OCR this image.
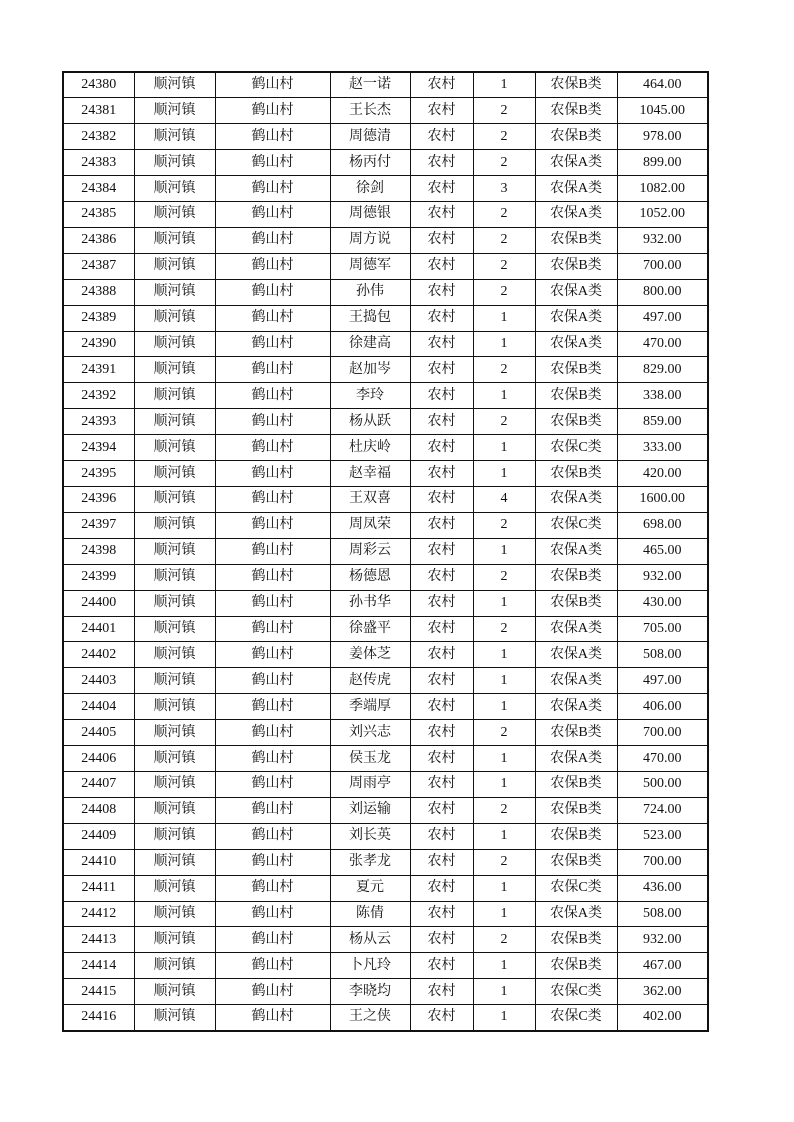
24380	顺河镇	鹤山村	赵一诺	农村	1	农保B类	464.00
24381	顺河镇	鹤山村	王长杰	农村	2	农保B类	1045.00
24382	顺河镇	鹤山村	周德清	农村	2	农保B类	978.00
24383	顺河镇	鹤山村	杨丙付	农村	2	农保A类	899.00
24384	顺河镇	鹤山村	徐剑	农村	3	农保A类	1082.00
24385	顺河镇	鹤山村	周德银	农村	2	农保A类	1052.00
24386	顺河镇	鹤山村	周方说	农村	2	农保B类	932.00
24387	顺河镇	鹤山村	周德军	农村	2	农保B类	700.00
24388	顺河镇	鹤山村	孙伟	农村	2	农保A类	800.00
24389	顺河镇	鹤山村	王捣包	农村	1	农保A类	497.00
24390	顺河镇	鹤山村	徐建高	农村	1	农保A类	470.00
24391	顺河镇	鹤山村	赵加岑	农村	2	农保B类	829.00
24392	顺河镇	鹤山村	李玲	农村	1	农保B类	338.00
24393	顺河镇	鹤山村	杨从跃	农村	2	农保B类	859.00
24394	顺河镇	鹤山村	杜庆岭	农村	1	农保C类	333.00
24395	顺河镇	鹤山村	赵幸福	农村	1	农保B类	420.00
24396	顺河镇	鹤山村	王双喜	农村	4	农保A类	1600.00
24397	顺河镇	鹤山村	周凤荣	农村	2	农保C类	698.00
24398	顺河镇	鹤山村	周彩云	农村	1	农保A类	465.00
24399	顺河镇	鹤山村	杨德恩	农村	2	农保B类	932.00
24400	顺河镇	鹤山村	孙书华	农村	1	农保B类	430.00
24401	顺河镇	鹤山村	徐盛平	农村	2	农保A类	705.00
24402	顺河镇	鹤山村	姜体芝	农村	1	农保A类	508.00
24403	顺河镇	鹤山村	赵传虎	农村	1	农保A类	497.00
24404	顺河镇	鹤山村	季端厚	农村	1	农保A类	406.00
24405	顺河镇	鹤山村	刘兴志	农村	2	农保B类	700.00
24406	顺河镇	鹤山村	侯玉龙	农村	1	农保A类	470.00
24407	顺河镇	鹤山村	周雨亭	农村	1	农保B类	500.00
24408	顺河镇	鹤山村	刘运输	农村	2	农保B类	724.00
24409	顺河镇	鹤山村	刘长英	农村	1	农保B类	523.00
24410	顺河镇	鹤山村	张孝龙	农村	2	农保B类	700.00
24411	顺河镇	鹤山村	夏元	农村	1	农保C类	436.00
24412	顺河镇	鹤山村	陈倩	农村	1	农保A类	508.00
24413	顺河镇	鹤山村	杨从云	农村	2	农保B类	932.00
24414	顺河镇	鹤山村	卜凡玲	农村	1	农保B类	467.00
24415	顺河镇	鹤山村	李晓均	农村	1	农保C类	362.00
24416	顺河镇	鹤山村	王之侠	农村	1	农保C类	402.00
